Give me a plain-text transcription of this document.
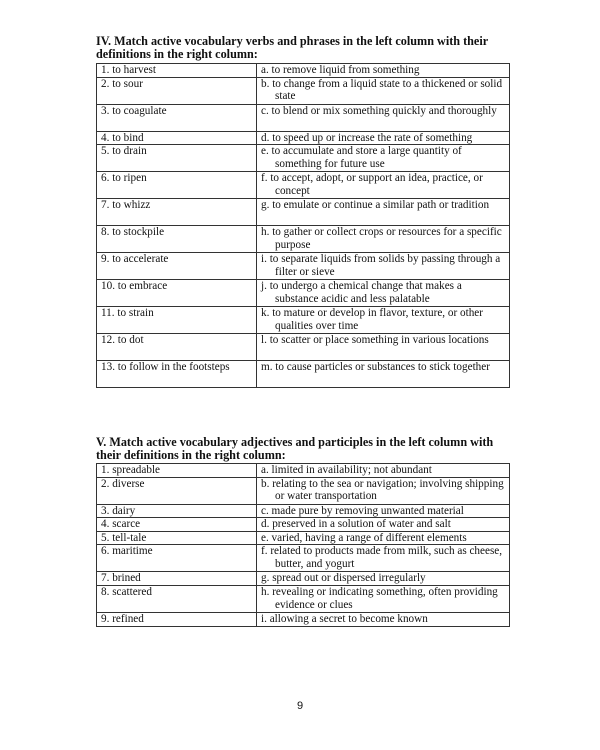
IV. Match active vocabulary verbs and phrases in the left column with their definitions in the right column:
1. to harvest	a. to remove liquid from something

2. to sour	b. to change from a liquid state to a thickened or solid state

3. to coagulate	c. to blend or mix something quickly and thoroughly

4. to bind	d. to speed up or increase the rate of something

5. to drain	e. to accumulate and store a large quantity of something for future use

6. to ripen	f. to accept, adopt, or support an idea, practice, or concept

7. to whizz	g. to emulate or continue a similar path or tradition

8. to stockpile	h. to gather or collect crops or resources for a specific purpose

9. to accelerate	i. to separate liquids from solids by passing through a filter or sieve

10. to embrace	j. to undergo a chemical change that makes a substance acidic and less palatable

11. to strain	k. to mature or develop in flavor, texture, or other qualities over time

12. to dot	l. to scatter or place something in various locations

13. to follow in the footsteps	m. to cause particles or substances to stick together
V. Match active vocabulary adjectives and participles in the left column with their definitions in the right column:
1. spreadable	a. limited in availability; not abundant

2. diverse	b. relating to the sea or navigation; involving shipping or water transportation

3. dairy	c. made pure by removing unwanted material

4. scarce	d. preserved in a solution of water and salt

5. tell-tale	e. varied, having a range of different elements

6. maritime	f. related to products made from milk, such as cheese, butter, and yogurt

7. brined	g. spread out or dispersed irregularly

8. scattered	h. revealing or indicating something, often providing evidence or clues

9. refined	i. allowing a secret to become known
9
